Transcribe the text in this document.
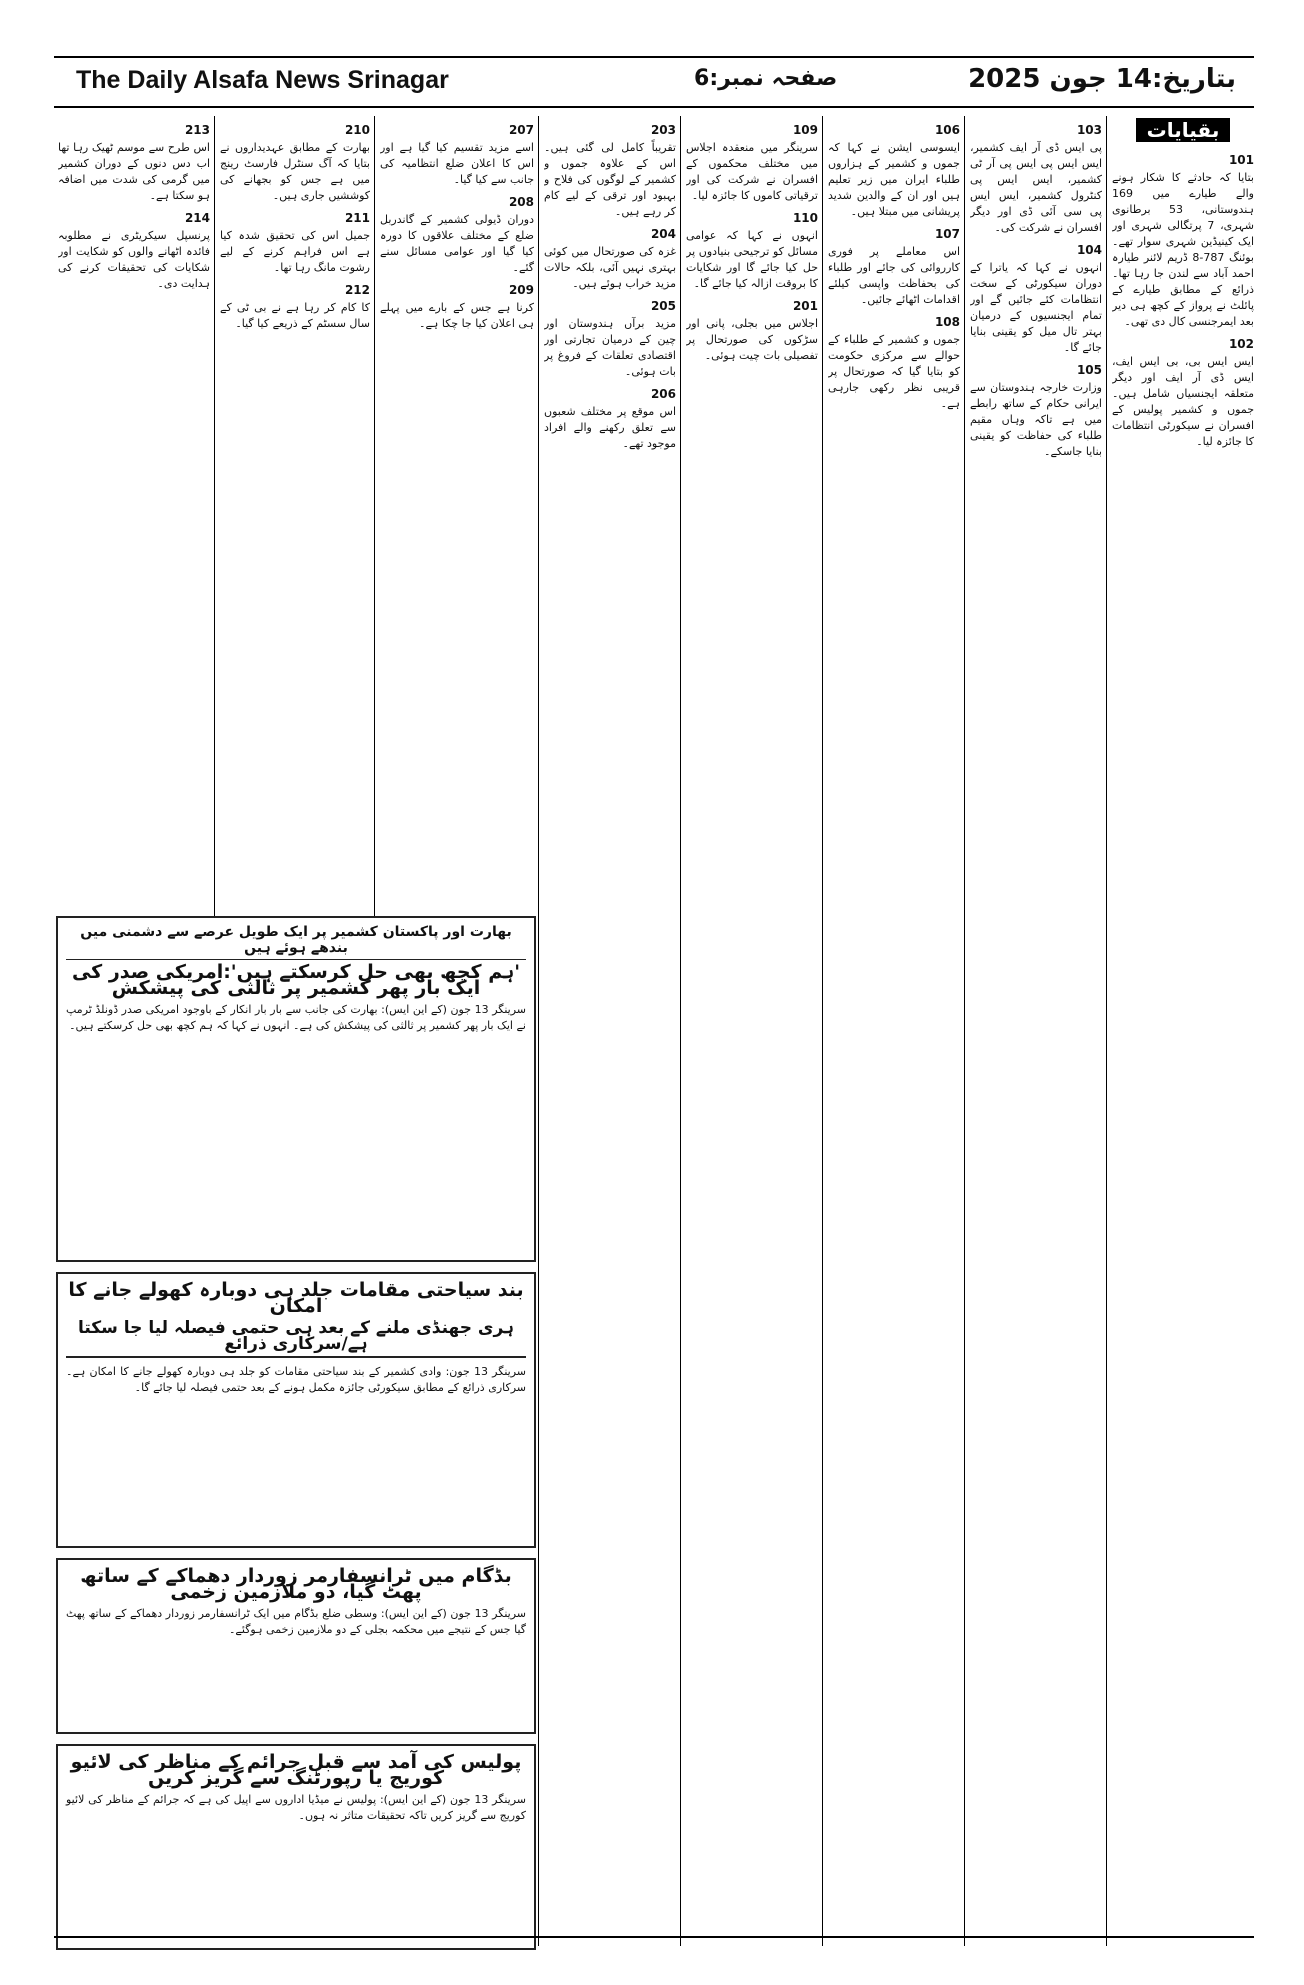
The Daily Alsafa News Srinagar	صفحہ نمبر:6	بتاریخ:14 جون 2025
بقیایات
101

بتایا کہ حادثے کا شکار ہونے والے طیارے میں 169 ہندوستانی، 53 برطانوی شہری، 7 پرتگالی شہری اور ایک کینیڈین شہری سوار تھے۔ بوئنگ 787-8 ڈریم لائنر طیارہ احمد آباد سے لندن جا رہا تھا۔ ذرائع کے مطابق طیارے کے پائلٹ نے پرواز کے کچھ ہی دیر بعد ایمرجنسی کال دی تھی۔

102

ایس ایس بی، بی ایس ایف، ایس ڈی آر ایف اور دیگر متعلقہ ایجنسیاں شامل ہیں۔ جموں و کشمیر پولیس کے افسران نے سیکورٹی انتظامات کا جائزہ لیا۔

103

پی ایس ڈی آر ایف کشمیر، ایس ایس پی ایس پی آر ٹی کشمیر، ایس ایس پی کنٹرول کشمیر، ایس ایس پی سی آئی ڈی اور دیگر افسران نے شرکت کی۔

104

انہوں نے کہا کہ یاترا کے دوران سیکورٹی کے سخت انتظامات کئے جائیں گے اور تمام ایجنسیوں کے درمیان بہتر تال میل کو یقینی بنایا جائے گا۔

105

وزارت خارجہ ہندوستان سے ایرانی حکام کے ساتھ رابطے میں ہے تاکہ وہاں مقیم طلباء کی حفاظت کو یقینی بنایا جاسکے۔

106

ایسوسی ایشن نے کہا کہ جموں و کشمیر کے ہزاروں طلباء ایران میں زیر تعلیم ہیں اور ان کے والدین شدید پریشانی میں مبتلا ہیں۔

107

اس معاملے پر فوری کارروائی کی جائے اور طلباء کی بحفاظت واپسی کیلئے اقدامات اٹھائے جائیں۔

108

جموں و کشمیر کے طلباء کے حوالے سے مرکزی حکومت کو بتایا گیا کہ صورتحال پر قریبی نظر رکھی جارہی ہے۔

109

سرینگر میں منعقدہ اجلاس میں مختلف محکموں کے افسران نے شرکت کی اور ترقیاتی کاموں کا جائزہ لیا۔

110

انہوں نے کہا کہ عوامی مسائل کو ترجیحی بنیادوں پر حل کیا جائے گا اور شکایات کا بروقت ازالہ کیا جائے گا۔

201

اجلاس میں بجلی، پانی اور سڑکوں کی صورتحال پر تفصیلی بات چیت ہوئی۔

203

تقریباً کامل لی گئی ہیں۔ اس کے علاوہ جموں و کشمیر کے لوگوں کی فلاح و بہبود اور ترقی کے لیے کام کر رہے ہیں۔

204

غزہ کی صورتحال میں کوئی بہتری نہیں آئی، بلکہ حالات مزید خراب ہوئے ہیں۔

205

مزید برآں ہندوستان اور چین کے درمیان تجارتی اور اقتصادی تعلقات کے فروغ پر بات ہوئی۔

206

اس موقع پر مختلف شعبوں سے تعلق رکھنے والے افراد موجود تھے۔

207

اسے مزید تقسیم کیا گیا ہے اور اس کا اعلان ضلع انتظامیہ کی جانب سے کیا گیا۔

208

دوران ڈیولی کشمیر کے گاندربل ضلع کے مختلف علاقوں کا دورہ کیا گیا اور عوامی مسائل سنے گئے۔

209

کرنا ہے جس کے بارے میں پہلے ہی اعلان کیا جا چکا ہے۔

210

بھارت کے مطابق عہدیداروں نے بتایا کہ آگ سنٹرل فارسٹ رینج میں ہے جس کو بجھانے کی کوششیں جاری ہیں۔

211

جمیل اس کی تحقیق شدہ کیا ہے اس فراہم کرنے کے لیے رشوت مانگ رہا تھا۔

212

کا کام کر رہا ہے نے بی ٹی کے سال سسٹم کے ذریعے کیا گیا۔

213

اس طرح سے موسم ٹھیک رہا تھا اب دس دنوں کے دوران کشمیر میں گرمی کی شدت میں اضافہ ہو سکتا ہے۔

214

پرنسپل سیکریٹری نے مطلوبہ فائدہ اٹھانے والوں کو شکایت اور شکایات کی تحقیقات کرنے کی ہدایت دی۔

بھارت اور پاکستان کشمیر پر ایک طویل عرصے سے دشمنی میں بندھے ہوئے ہیں
'ہم کچھ بھی حل کرسکتے ہیں':امریکی صدر کی ایک بار پھر کشمیر پر ثالثی کی پیشکش

سرینگر 13 جون (کے این ایس): بھارت کی جانب سے بار بار انکار کے باوجود امریکی صدر ڈونلڈ ٹرمپ نے ایک بار پھر کشمیر پر ثالثی کی پیشکش کی ہے۔ انہوں نے کہا کہ ہم کچھ بھی حل کرسکتے ہیں۔

بند سیاحتی مقامات جلد ہی دوبارہ کھولے جانے کا امکان
ہری جھنڈی ملنے کے بعد ہی حتمی فیصلہ لیا جا سکتا ہے/سرکاری ذرائع

سرینگر 13 جون: وادی کشمیر کے بند سیاحتی مقامات کو جلد ہی دوبارہ کھولے جانے کا امکان ہے۔ سرکاری ذرائع کے مطابق سیکورٹی جائزہ مکمل ہونے کے بعد حتمی فیصلہ لیا جائے گا۔

بڈگام میں ٹرانسفارمر زوردار دھماکے کے ساتھ پھٹ گیا، دو ملازمین زخمی

سرینگر 13 جون (کے این ایس): وسطی ضلع بڈگام میں ایک ٹرانسفارمر زوردار دھماکے کے ساتھ پھٹ گیا جس کے نتیجے میں محکمہ بجلی کے دو ملازمین زخمی ہوگئے۔

پولیس کی آمد سے قبل جرائم کے مناظر کی لائیو کوریج یا رپورٹنگ سے گریز کریں

سرینگر 13 جون (کے این ایس): پولیس نے میڈیا اداروں سے اپیل کی ہے کہ جرائم کے مناظر کی لائیو کوریج سے گریز کریں تاکہ تحقیقات متاثر نہ ہوں۔
